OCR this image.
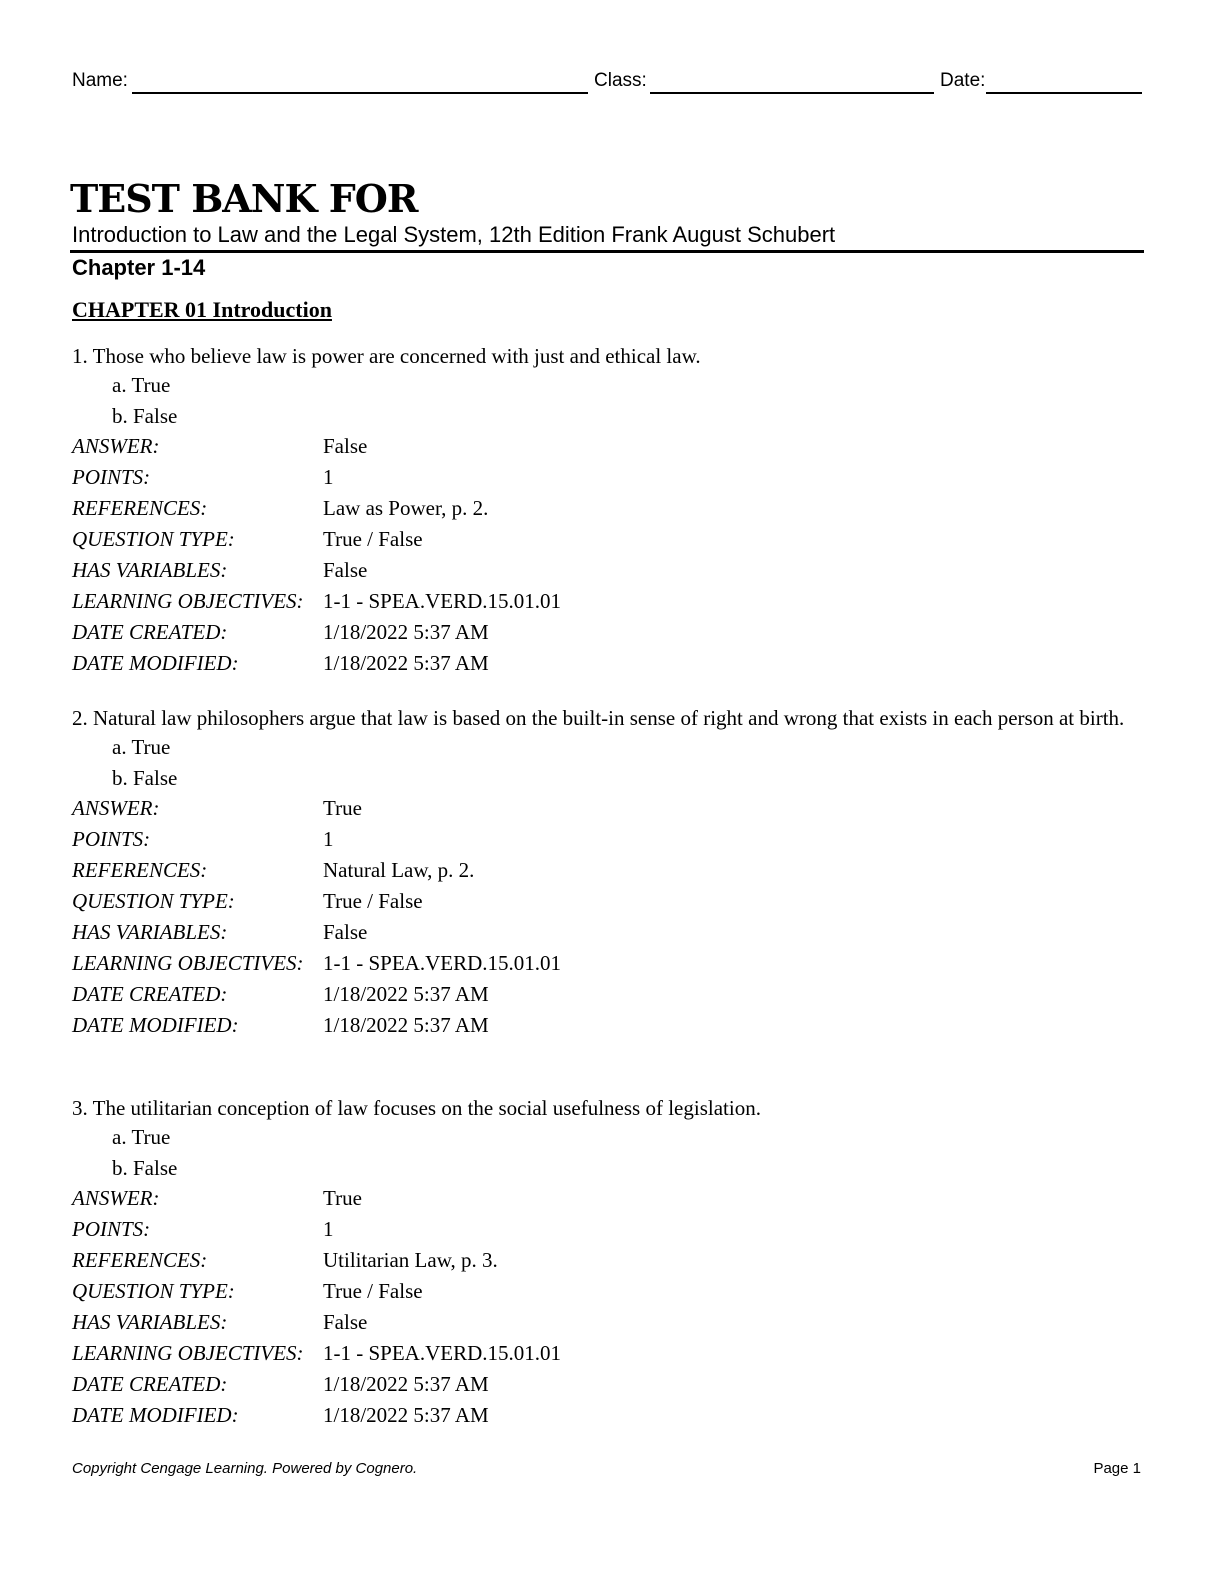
Name:	Class:	Date:
TEST BANK FOR
Introduction to Law and the Legal System, 12th Edition Frank August Schubert
Chapter 1-14
CHAPTER 01 Introduction

1. Those who believe law is power are concerned with just and ethical law.

a. True
b. False
ANSWER:	False
POINTS:	1
REFERENCES:	Law as Power, p. 2.
QUESTION TYPE:	True / False
HAS VARIABLES:	False
LEARNING OBJECTIVES: 1-1 - SPEA.VERD.15.01.01
DATE CREATED:	1/18/2022 5:37 AM
DATE MODIFIED:	1/18/2022 5:37 AM

2. Natural law philosophers argue that law is based on the built-in sense of right and wrong that exists in each person at birth.

a. True
b. False
ANSWER:	True
POINTS:	1
REFERENCES:	Natural Law, p. 2.
QUESTION TYPE:	True / False
HAS VARIABLES:	False
LEARNING OBJECTIVES: 1-1 - SPEA.VERD.15.01.01
DATE CREATED:	1/18/2022 5:37 AM
DATE MODIFIED:	1/18/2022 5:37 AM

3. The utilitarian conception of law focuses on the social usefulness of legislation.

a. True
b. False
ANSWER:	True
POINTS:	1
REFERENCES:	Utilitarian Law, p. 3.
QUESTION TYPE:	True / False
HAS VARIABLES:	False
LEARNING OBJECTIVES: 1-1 - SPEA.VERD.15.01.01
DATE CREATED:	1/18/2022 5:37 AM
DATE MODIFIED:	1/18/2022 5:37 AM
Copyright Cengage Learning. Powered by Cognero.	Page 1
